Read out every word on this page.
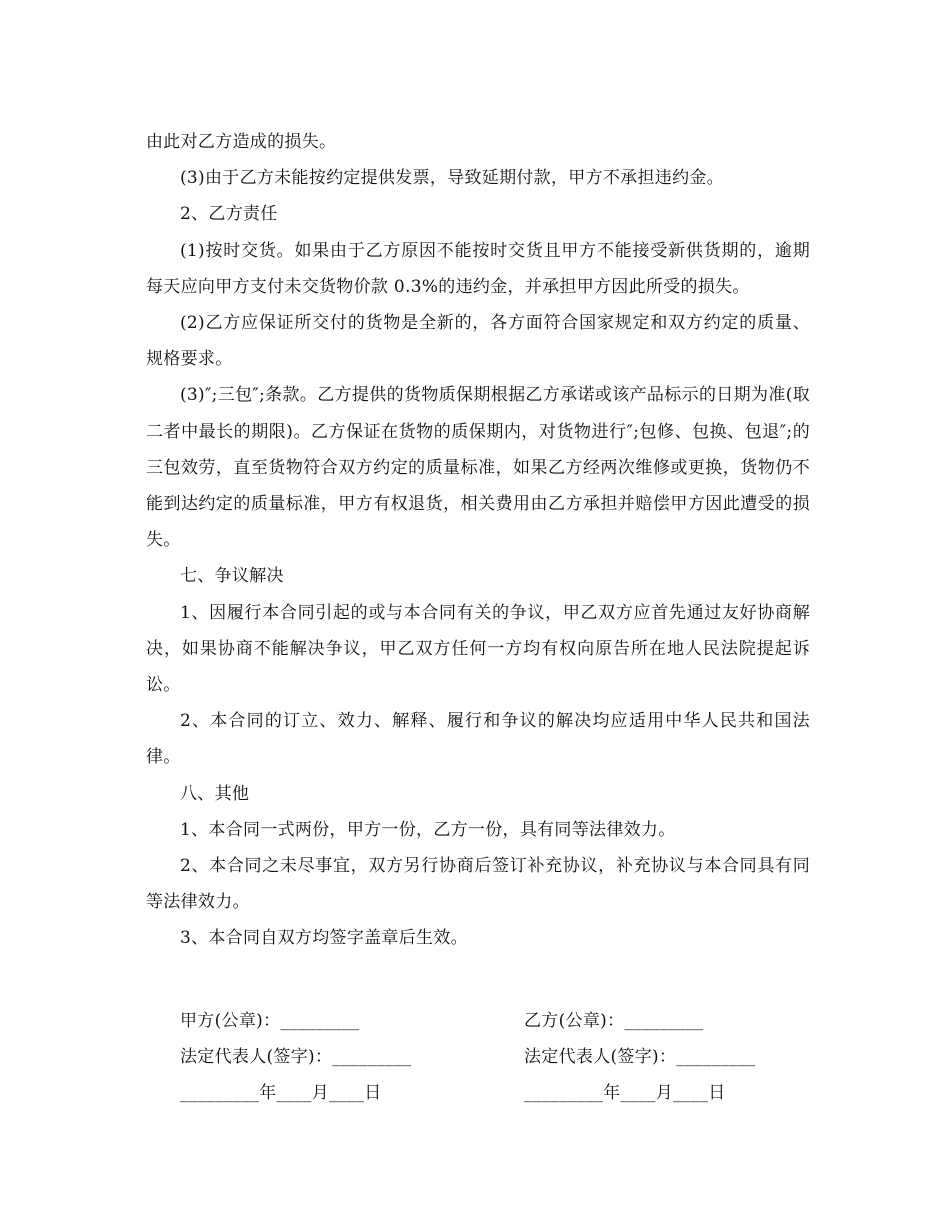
由此对乙方造成的损失。

(3)由于乙方未能按约定提供发票，导致延期付款，甲方不承担违约金。

2、乙方责任

(1)按时交货。如果由于乙方原因不能按时交货且甲方不能接受新供货期的，逾期每天应向甲方支付未交货物价款 0.3%的违约金，并承担甲方因此所受的损失。

(2)乙方应保证所交付的货物是全新的，各方面符合国家规定和双方约定的质量、规格要求。

(3)″;三包″;条款。乙方提供的货物质保期根据乙方承诺或该产品标示的日期为准(取二者中最长的期限)。乙方保证在货物的质保期内，对货物进行″;包修、包换、包退″;的三包效劳，直至货物符合双方约定的质量标准，如果乙方经两次维修或更换，货物仍不能到达约定的质量标准，甲方有权退货，相关费用由乙方承担并赔偿甲方因此遭受的损失。

七、争议解决

1、因履行本合同引起的或与本合同有关的争议，甲乙双方应首先通过友好协商解决，如果协商不能解决争议，甲乙双方任何一方均有权向原告所在地人民法院提起诉讼。

2、本合同的订立、效力、解释、履行和争议的解决均应适用中华人民共和国法律。

八、其他

1、本合同一式两份，甲方一份，乙方一份，具有同等法律效力。

2、本合同之未尽事宜，双方另行协商后签订补充协议，补充协议与本合同具有同等法律效力。

3、本合同自双方均签字盖章后生效。

甲方(公章)：_________
法定代表人(签字)：_________
_________年____月____日
乙方(公章)：_________
法定代表人(签字)：_________
_________年____月____日
